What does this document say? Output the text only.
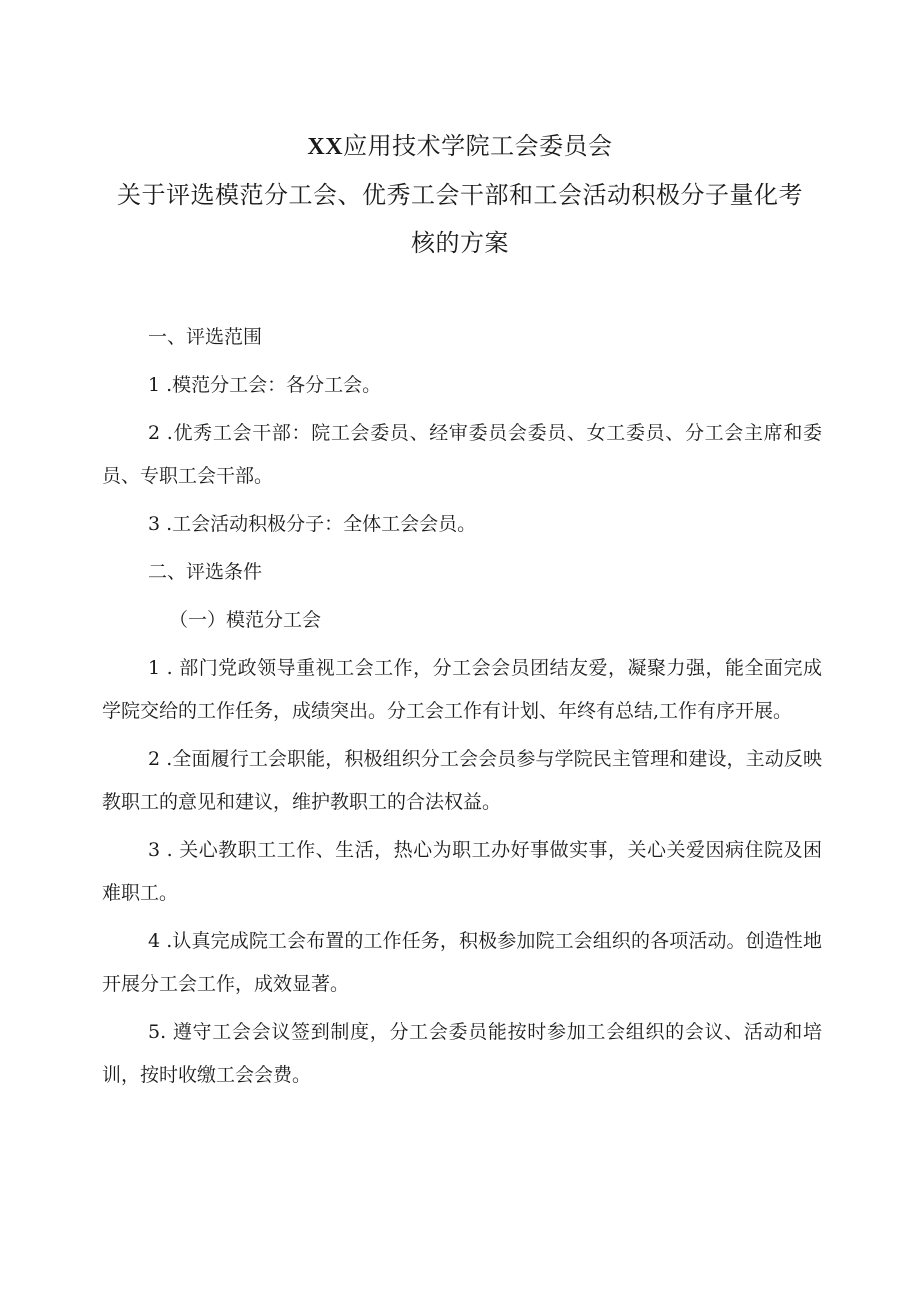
XX应用技术学院工会委员会
关于评选模范分工会、优秀工会干部和工会活动积极分子量化考
核的方案

一、评选范围

1 .模范分工会：各分工会。

2 .优秀工会干部：院工会委员、经审委员会委员、女工委员、分工会主席和委员、专职工会干部。

3 .工会活动积极分子：全体工会会员。

二、评选条件

（一）模范分工会

1 . 部门党政领导重视工会工作，分工会会员团结友爱，凝聚力强，能全面完成学院交给的工作任务，成绩突出。分工会工作有计划、年终有总结,工作有序开展。

2 .全面履行工会职能，积极组织分工会会员参与学院民主管理和建设，主动反映教职工的意见和建议，维护教职工的合法权益。

3 . 关心教职工工作、生活，热心为职工办好事做实事，关心关爱因病住院及困难职工。

4 .认真完成院工会布置的工作任务，积极参加院工会组织的各项活动。创造性地开展分工会工作，成效显著。

5. 遵守工会会议签到制度，分工会委员能按时参加工会组织的会议、活动和培训，按时收缴工会会费。
